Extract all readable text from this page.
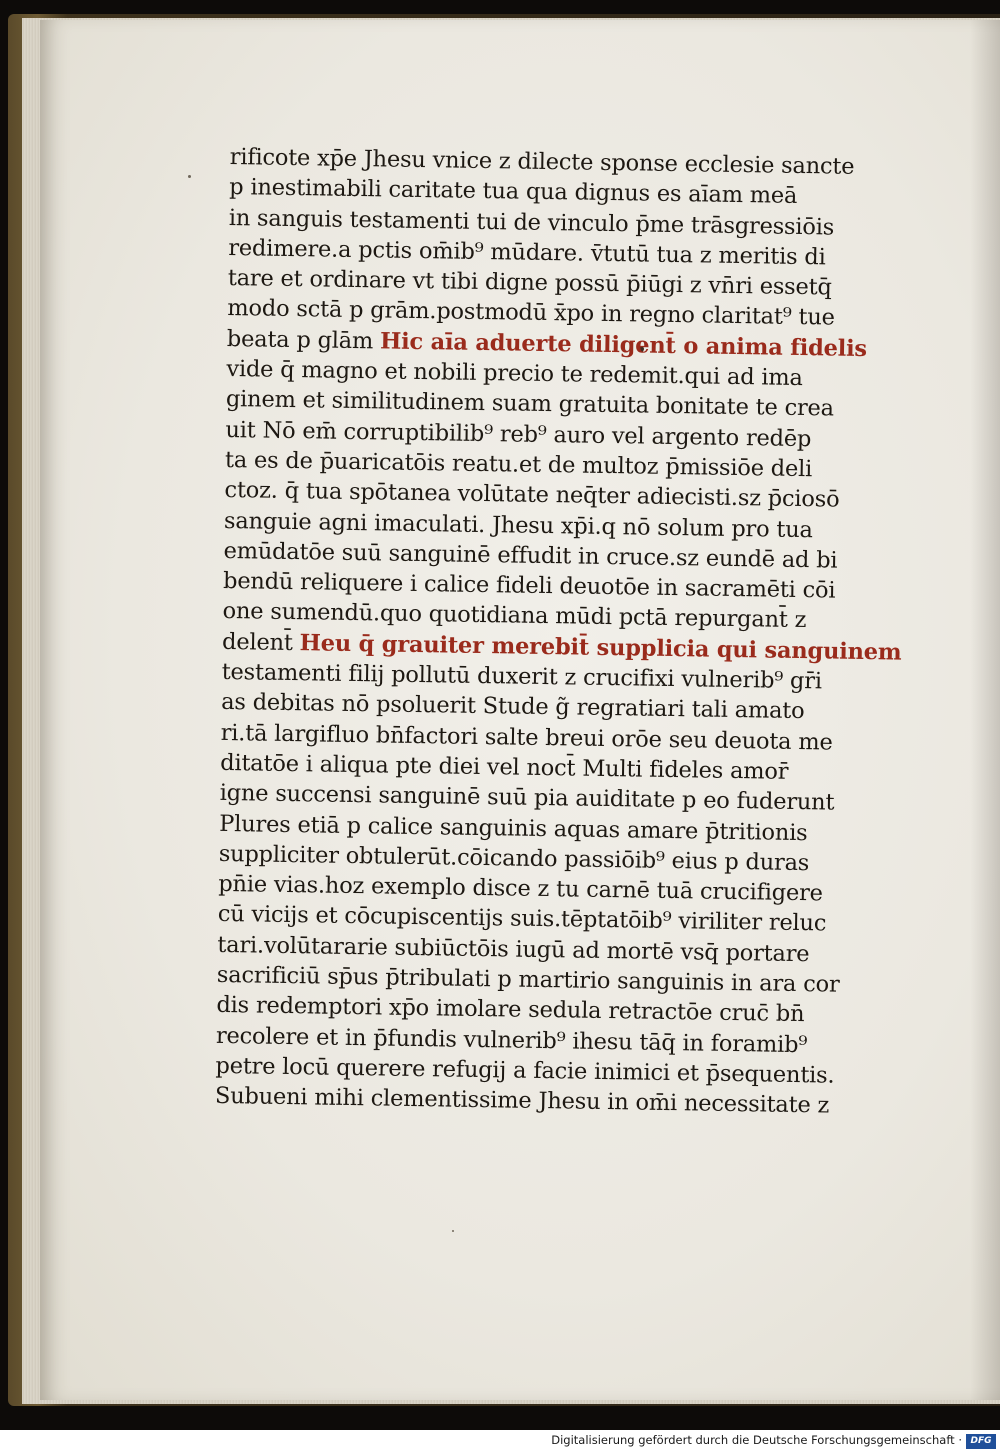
rificote xp̄e Jhesu vnice z dilecte sponse ecclesie sancte
p inestimabili caritate tua qua dignus es aīam meā
in sanguis testamenti tui de vinculo p̄me trāsgressiōis
redimere.a pctis om̄ib⁹ mūdare. v̄tutū tua z meritis di
tare et ordinare vt tibi digne possū p̄iūgi z vn̄ri essetq̄
modo sctā p grām.postmodū x̄po in regno claritat⁹ tue
beata p glām Hic aīa aduerte diligent̄ o anima fidelis
vide q̄ magno et nobili precio te redemit.qui ad ima
ginem et similitudinem suam gratuita bonitate te crea
uit Nō em̄ corruptibilib⁹ reb⁹ auro vel argento redēp
ta es de p̄uaricatōis reatu.et de multoz p̄missiōe deli
ctoz. q̄ tua spōtanea volūtate neq̄ter adiecisti.sz p̄ciosō
sanguie agni imaculati. Jhesu xp̄i.q nō solum pro tua
emūdatōe suū sanguinē effudit in cruce.sz eundē ad bi
bendū reliquere i calice fideli deuotōe in sacramēti cōi
one sumendū.quo quotidiana mūdi pctā repurgant̄ z
delent̄ Heu q̄ grauiter merebit̄ supplicia qui sanguinem
testamenti filij pollutū duxerit z crucifixi vulnerib⁹ gr̄i
as debitas nō psoluerit Stude g̃ regratiari tali amato
ri.tā largifluo bn̄factori salte breui orōe seu deuota me
ditatōe i aliqua pte diei vel noct̄ Multi fideles amor̄
igne succensi sanguinē suū pia auiditate p eo fuderunt
Plures etiā p calice sanguinis aquas amare p̄tritionis
suppliciter obtulerūt.cōicando passiōib⁹ eius p duras
pn̄ie vias.hoz exemplo disce z tu carnē tuā crucifigere
cū vicijs et cōcupiscentijs suis.tēptatōib⁹ viriliter reluc
tari.volūtararie subiūctōis iugū ad mortē vsq̄ portare
sacrificiū sp̄us p̄tribulati p martirio sanguinis in ara cor
dis redemptori xp̄o imolare sedula retractōe cruc̄ bn̄
recolere et in p̄fundis vulnerib⁹ ihesu tāq̄ in foramib⁹
petre locū querere refugij a facie inimici et p̄sequentis.
Subueni mihi clementissime Jhesu in om̄i necessitate z
Digitalisierung gefördert durch die Deutsche Forschungsgemeinschaft · DFG
